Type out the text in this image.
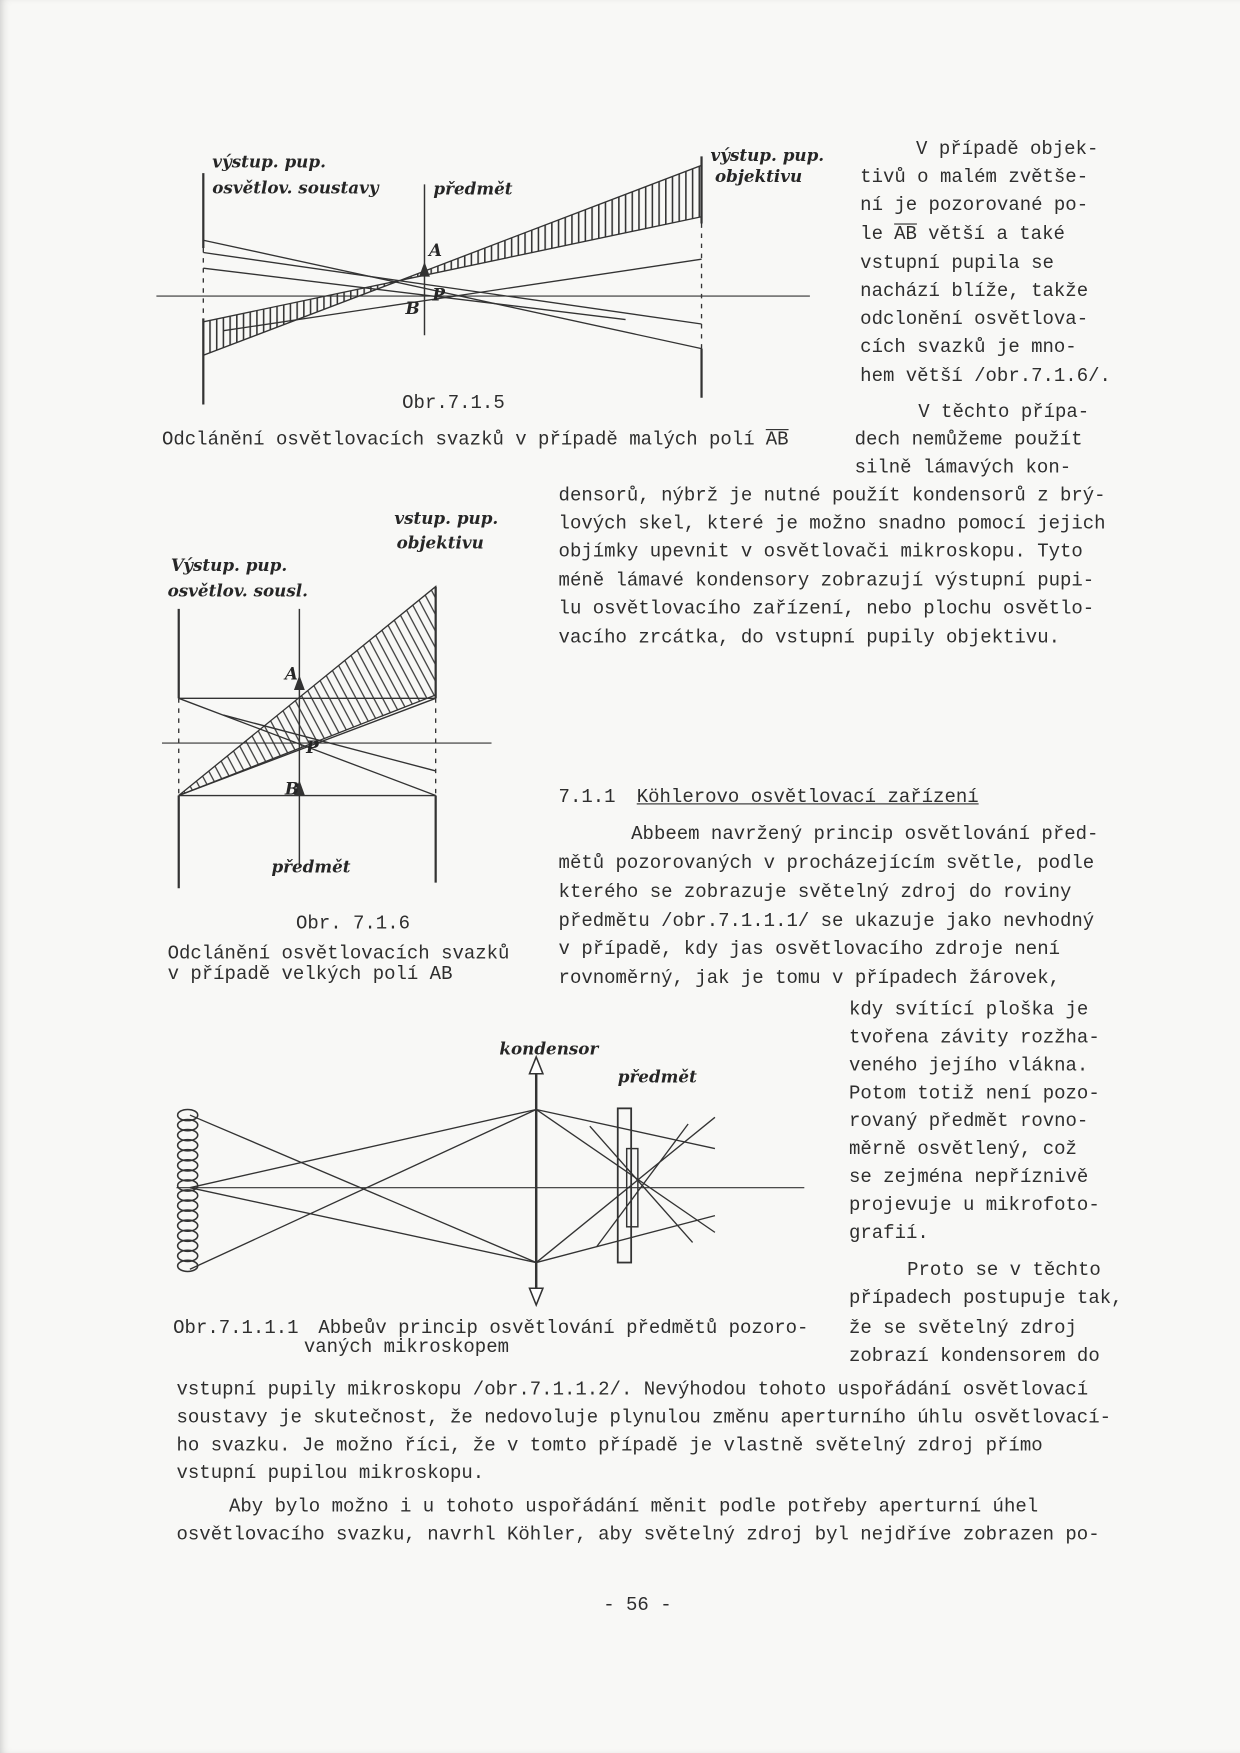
výstup. pup.
osvětlov. soustavy	předmět
výstup. pup.
objektivu
A
P
B
Obr.7.1.5
Odclánění osvětlovacích svazků v případě malých polí $\overline{AB}$
V případě objek-
tivů o malém zvětše-
ní je pozorované po-
le $\overline{AB}$ větší a také
vstupní pupila se
nachází blíže, takže
odclonění osvětlova-
cích svazků je mno-
hem větší /obr.7.1.6/.
V těchto přípa-
dech nemůžeme použít
silně lámavých kon-
densorů, nýbrž je nutné použít kondensorů z brý-
lových skel, které je možno snadno pomocí jejich
objímky upevnit v osvětlovači mikroskopu. Tyto
méně lámavé kondensory zobrazují výstupní pupi-
lu osvětlovacího zařízení, nebo plochu osvětlo-
vacího zrcátka, do vstupní pupily objektivu.
vstup. pup.
objektivu
Výstup. pup.
osvětlov. sousl.
A
P
B
předmět
Obr. 7.1.6
Odclánění osvětlovacích svazků
v případě velkých polí AB
7.1.1 Köhlerovo osvětlovací zařízení
Abbeem navržený princip osvětlování před-
mětů pozorovaných v procházejícím světle, podle
kterého se zobrazuje světelný zdroj do roviny
předmětu /obr.7.1.1.1/ se ukazuje jako nevhodný
v případě, kdy jas osvětlovacího zdroje není
rovnoměrný, jak je tomu v případech žárovek,
kdy svítící ploška je
tvořena závity rozžha-
veného jejího vlákna.
Potom totiž není pozo-
rovaný předmět rovno-
měrně osvětlený, což
se zejména nepříznivě
projevuje u mikrofoto-
grafií.
kondensor
předmět
Obr.7.1.1.1 Abbeův princip osvětlování předmětů pozoro-
vaných mikroskopem
Proto se v těchto
případech postupuje tak,
že se světelný zdroj
zobrazí kondensorem do
vstupní pupily mikroskopu /obr.7.1.1.2/. Nevýhodou tohoto uspořádání osvětlovací
soustavy je skutečnost, že nedovoluje plynulou změnu aperturního úhlu osvětlovací-
ho svazku. Je možno říci, že v tomto případě je vlastně světelný zdroj přímo
vstupní pupilou mikroskopu.
Aby bylo možno i u tohoto uspořádání měnit podle potřeby aperturní úhel
osvětlovacího svazku, navrhl Köhler, aby světelný zdroj byl nejdříve zobrazen po-
- 56 -
